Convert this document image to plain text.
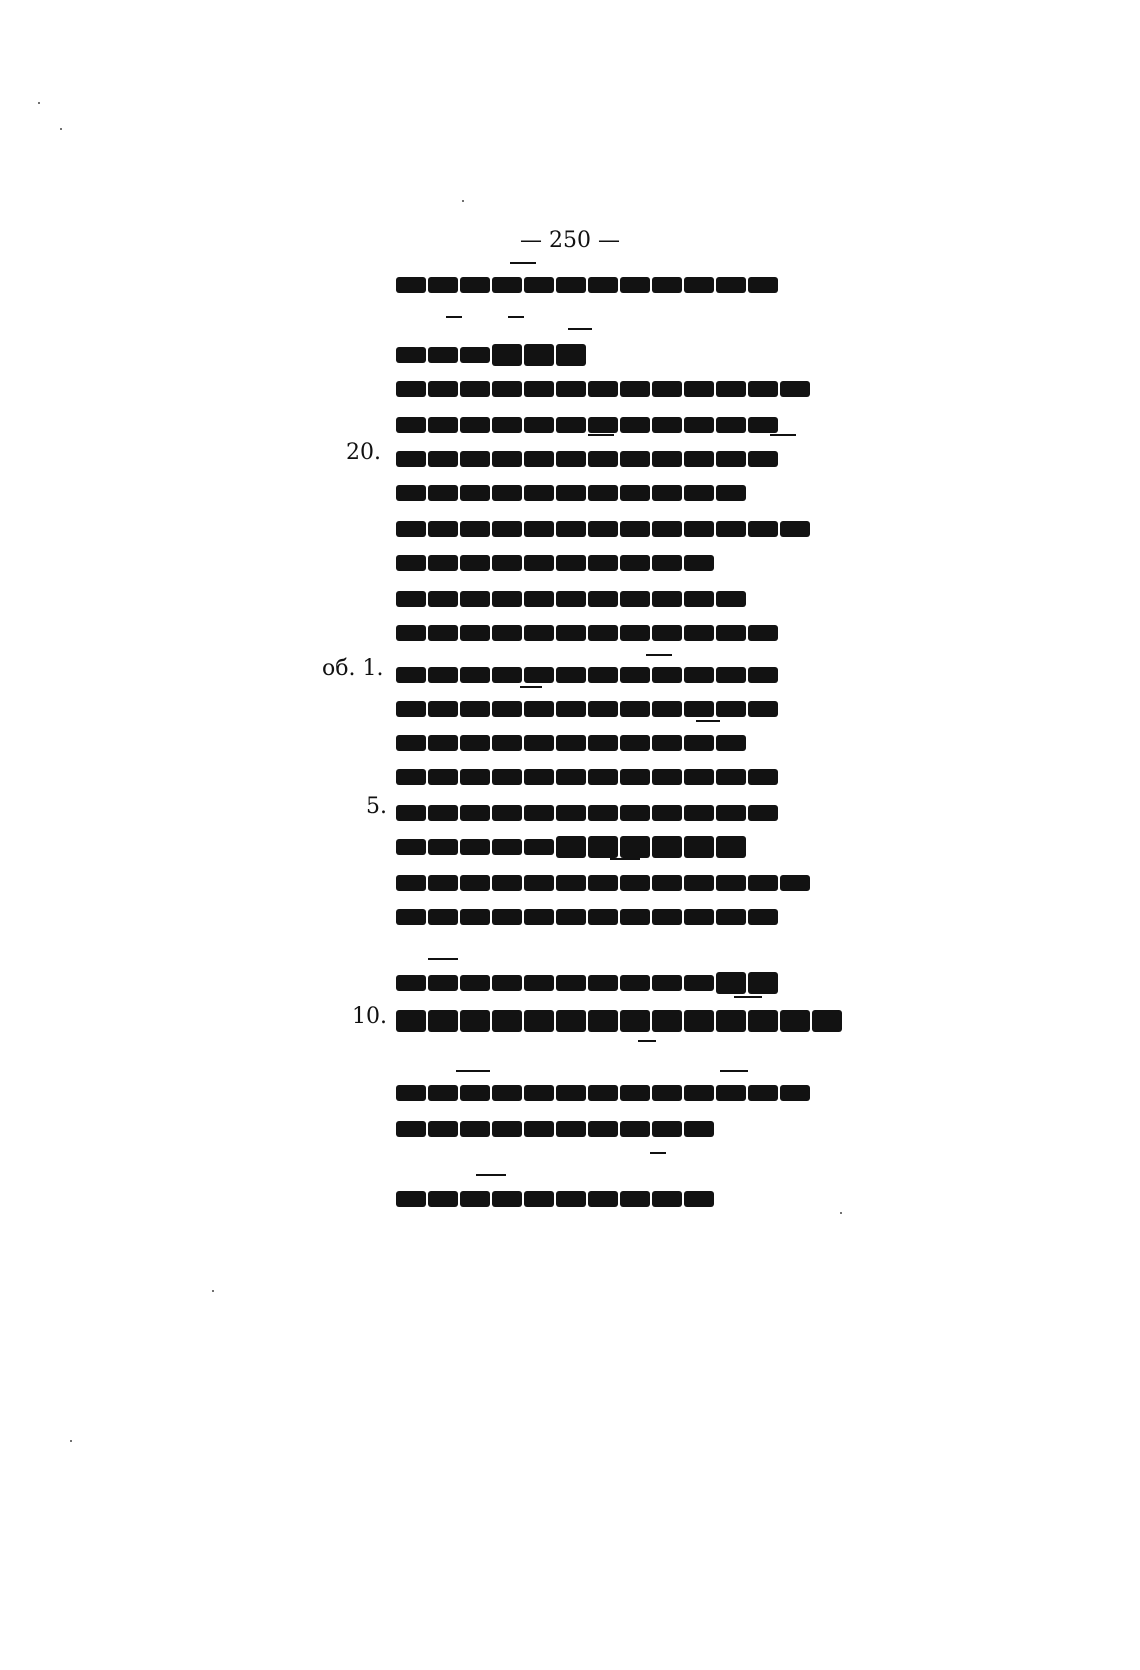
— 250 —
20.
об. 1.
5.
10.
